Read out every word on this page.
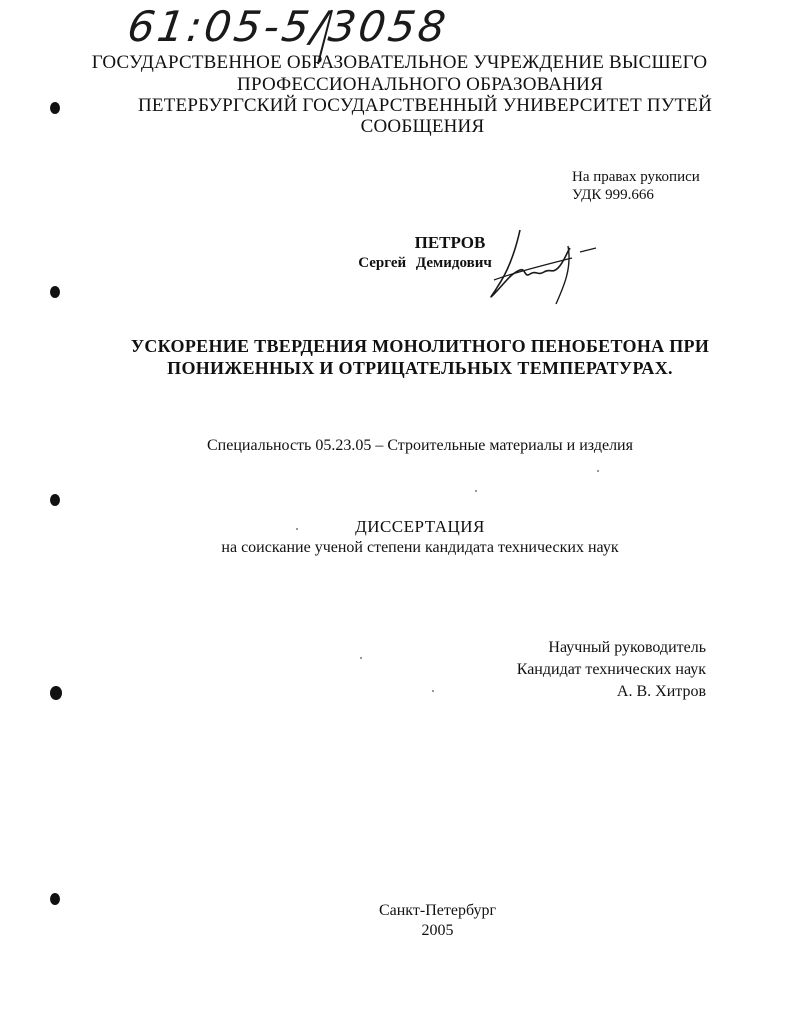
61:05-5/3058
ГОСУДАРСТВЕННОЕ ОБРАЗОВАТЕЛЬНОЕ УЧРЕЖДЕНИЕ ВЫСШЕГО
ПРОФЕССИОНАЛЬНОГО ОБРАЗОВАНИЯ
ПЕТЕРБУРГСКИЙ ГОСУДАРСТВЕННЫЙ УНИВЕРСИТЕТ ПУТЕЙ
СООБЩЕНИЯ
На правах рукописи
УДК 999.666
ПЕТРОВ
Сергей Демидович
УСКОРЕНИЕ ТВЕРДЕНИЯ МОНОЛИТНОГО ПЕНОБЕТОНА ПРИ
ПОНИЖЕННЫХ И ОТРИЦАТЕЛЬНЫХ ТЕМПЕРАТУРАХ.
Специальность 05.23.05 – Строительные материалы и изделия
ДИССЕРТАЦИЯ
на соискание ученой степени кандидата технических наук
Научный руководитель
Кандидат технических наук
А. В. Хитров
Санкт-Петербург
2005
